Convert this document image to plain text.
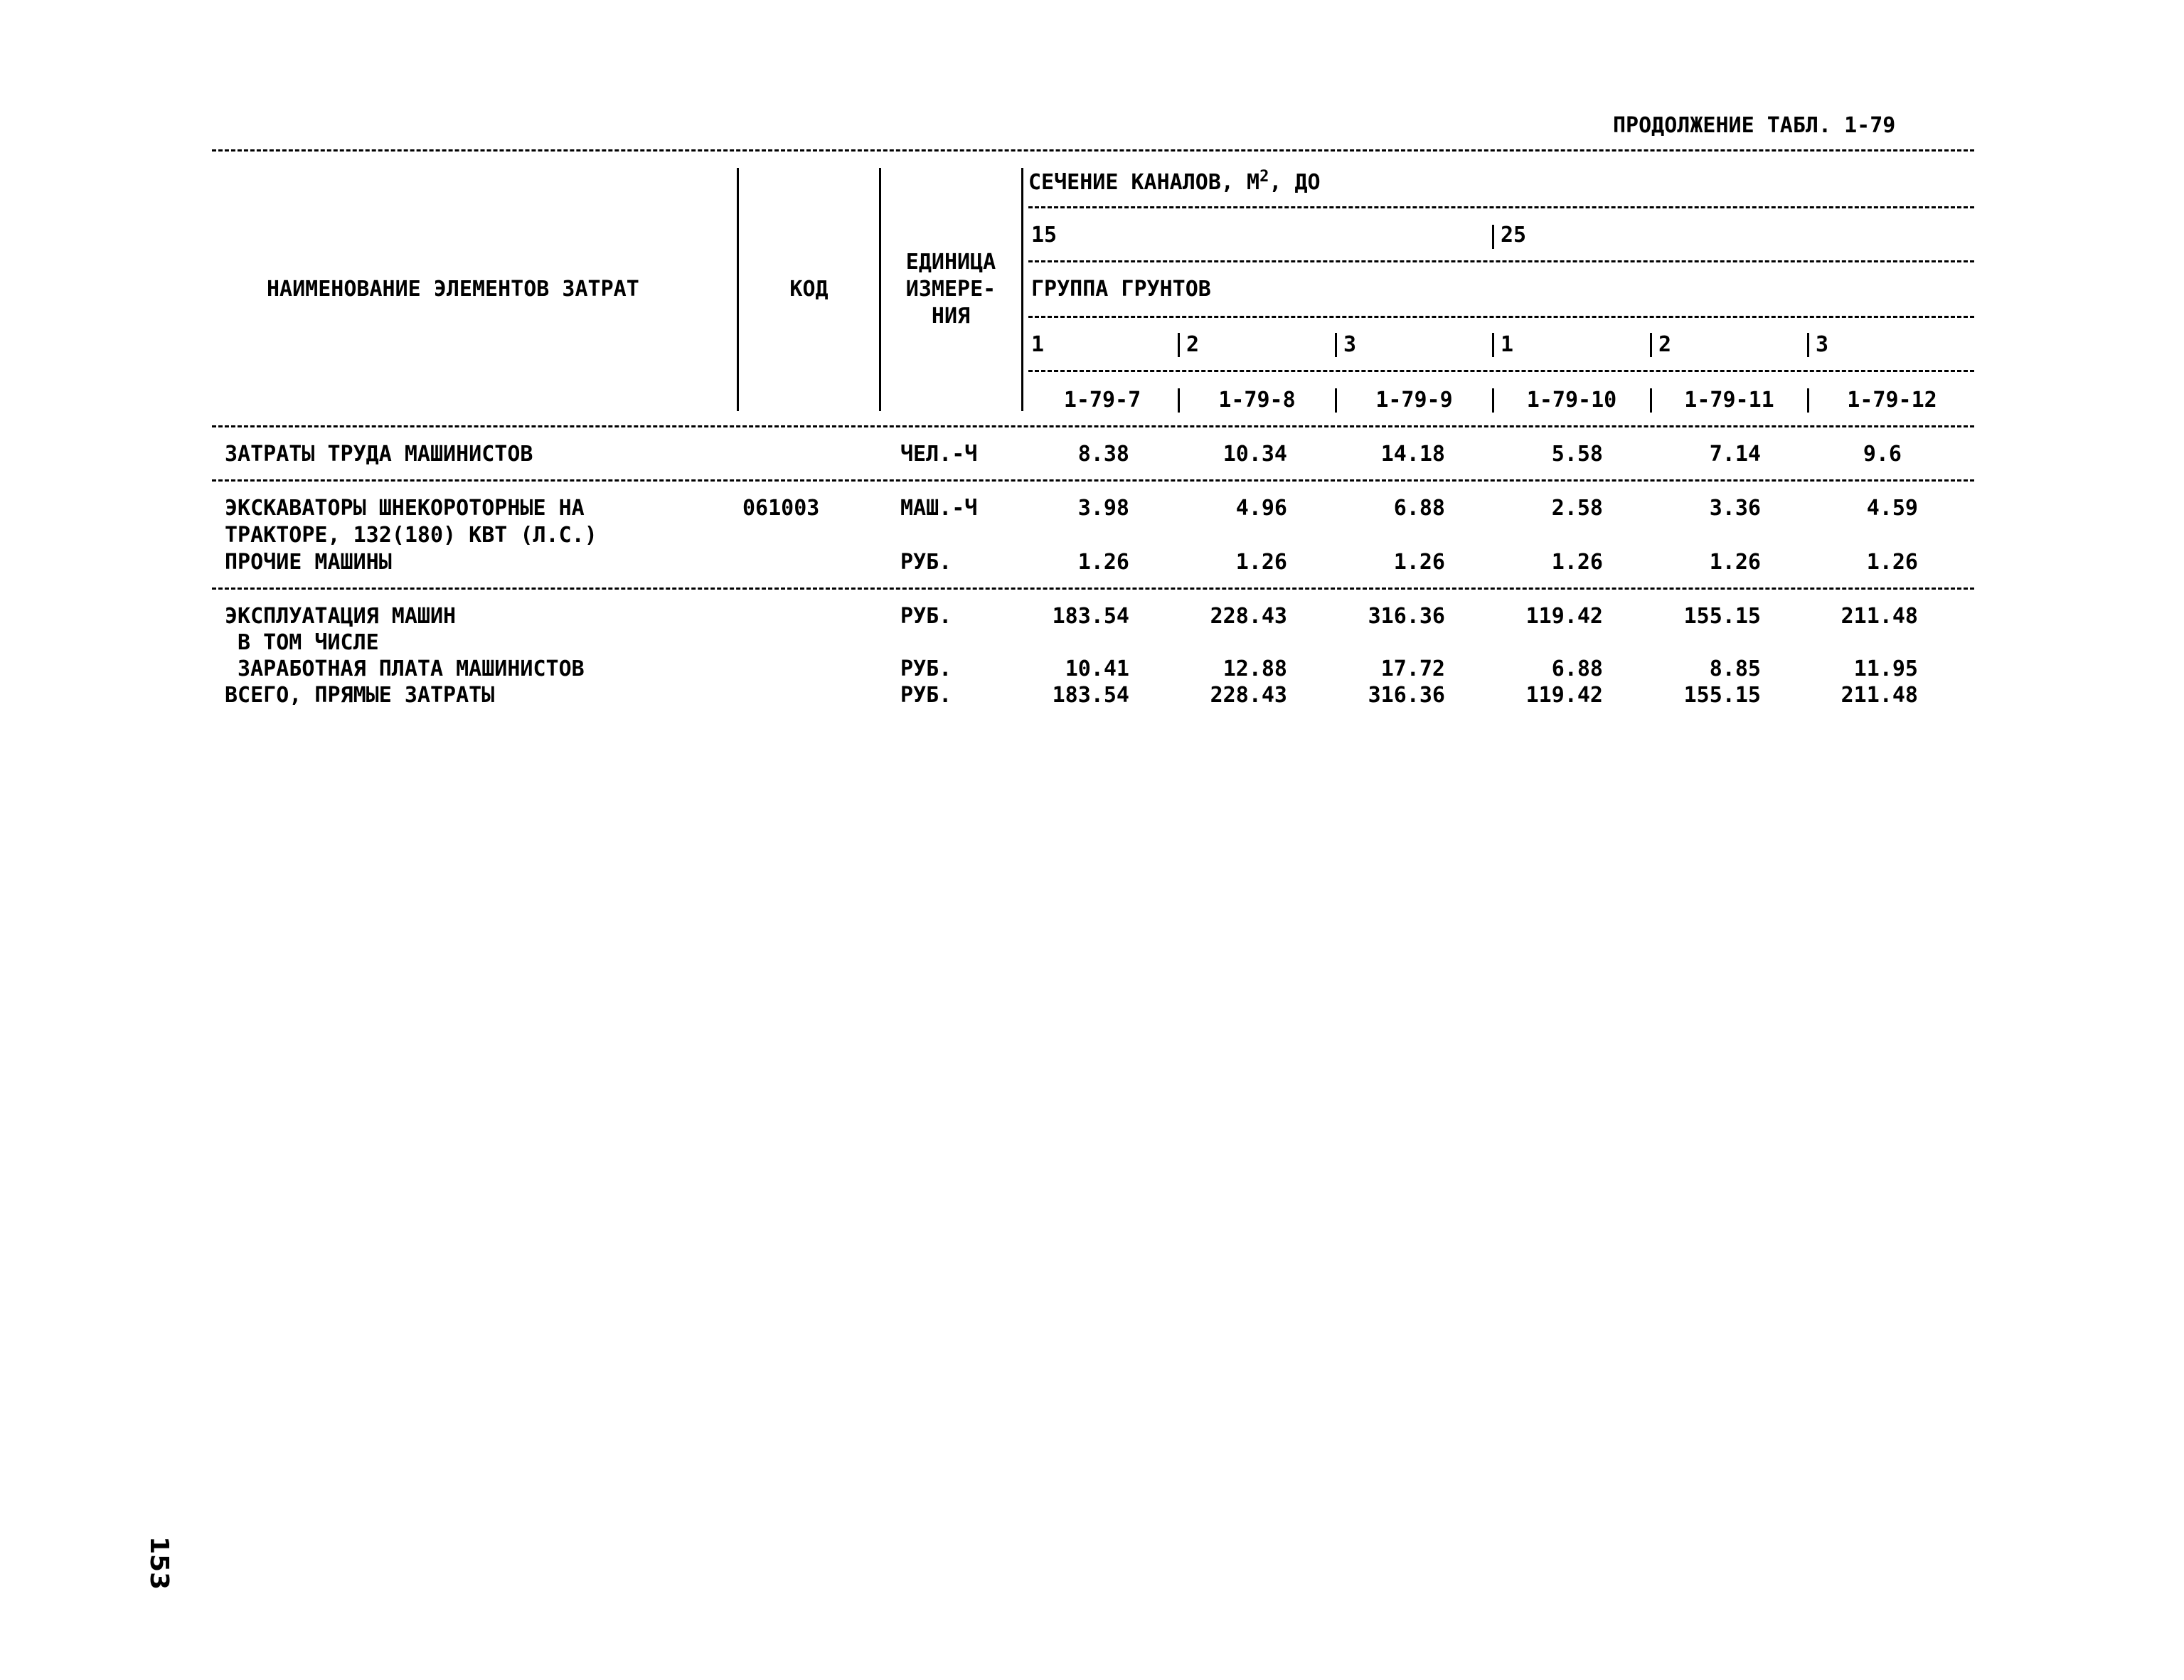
ПРОДОЛЖЕНИЕ ТАБЛ. 1-79
НАИМЕНОВАНИЕ ЭЛЕМЕНТОВ ЗАТРАТ	КОД
ЕДИНИЦА
ИЗМЕРЕ-
НИЯ
СЕЧЕНИЕ КАНАЛОВ, $М^2$, ДО
15	25
ГРУППА ГРУНТОВ
1	2	3	1	2	3
1-79-7	1-79-8	1-79-9	1-79-10	1-79-11	1-79-12
ЗАТРАТЫ ТРУДА МАШИНИСТОВ	ЧЕЛ.-Ч	8.38	10.34	14.18	5.58	7.14	9.6
ЭКСКАВАТОРЫ ШНЕКОРОТОРНЫЕ НА
ТРАКТОРЕ, 132(180) КВТ (Л.С.)
061003	МАШ.-Ч	3.98	4.96	6.88	2.58	3.36	4.59
ПРОЧИЕ МАШИНЫ	РУБ.	1.26	1.26	1.26	1.26	1.26	1.26
ЭКСПЛУАТАЦИЯ МАШИН	РУБ.	183.54	228.43	316.36	119.42	155.15	211.48
В ТОМ ЧИСЛЕ
ЗАРАБОТНАЯ ПЛАТА МАШИНИСТОВ	РУБ.	10.41	12.88	17.72	6.88	8.85	11.95
ВСЕГО, ПРЯМЫЕ ЗАТРАТЫ	РУБ.	183.54	228.43	316.36	119.42	155.15	211.48
153
